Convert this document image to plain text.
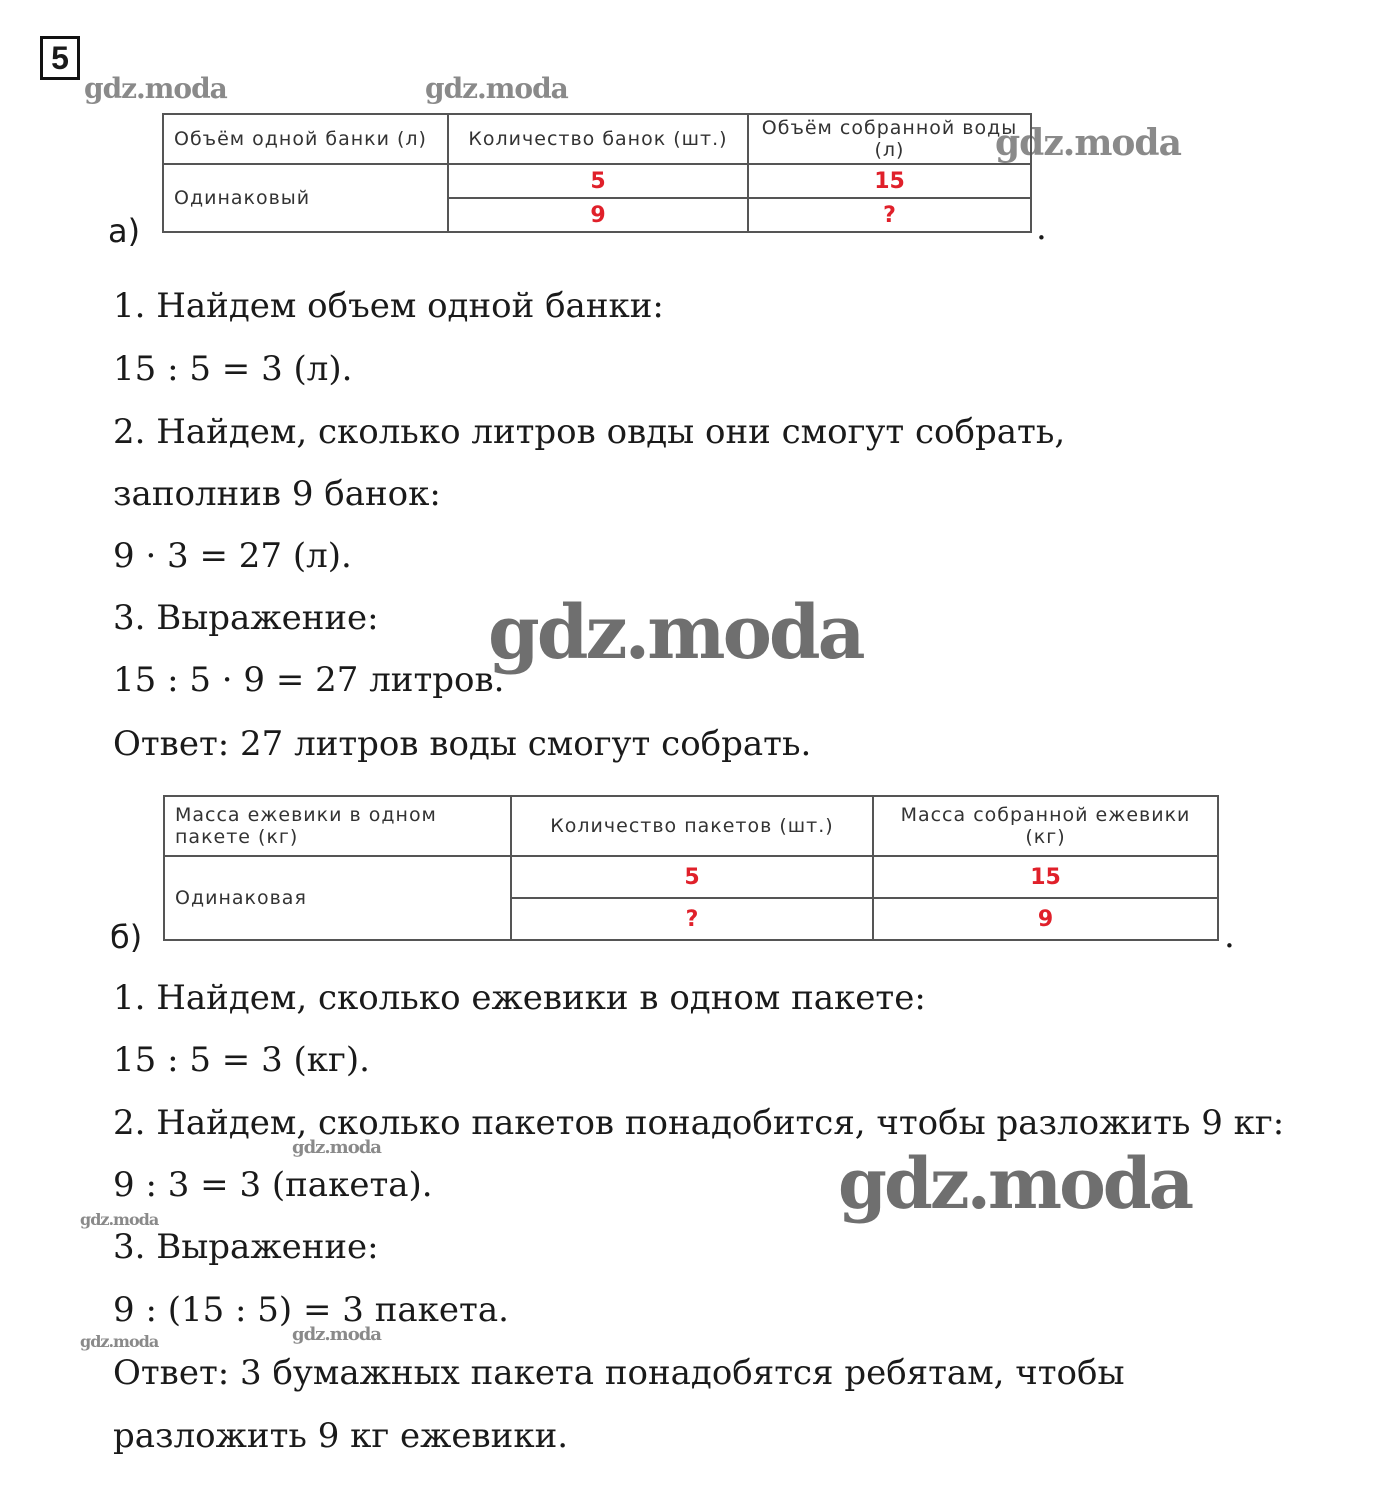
5
gdz.moda	gdz.moda
gdz.moda
а)
Объём одной банки (л)	Количество банок (шт.)	Объём собранной воды (л)
Одинаковый	5	15
	9	?	.
1. Найдем объем одной банки:
15 : 5 = 3 (л).
2. Найдем, сколько литров овды они смогут собрать,
заполнив 9 банок:
9 · 3 = 27 (л).
3. Выражение:
15 : 5 · 9 = 27 литров.
Ответ: 27 литров воды смогут собрать.
gdz.moda
б)
Масса ежевики в одном пакете (кг)	Количество пакетов (шт.)	Масса собранной ежевики (кг)
Одинаковая	5	15
	?	9	.
1. Найдем, сколько ежевики в одном пакете:
15 : 5 = 3 (кг).
2. Найдем, сколько пакетов понадобится, чтобы разложить 9 кг:
9 : 3 = 3 (пакета).
3. Выражение:
9 : (15 : 5) = 3 пакета.
Ответ: 3 бумажных пакета понадобятся ребятам, чтобы
разложить 9 кг ежевики.
gdz.moda	gdz.moda
gdz.moda
gdz.moda	gdz.moda
